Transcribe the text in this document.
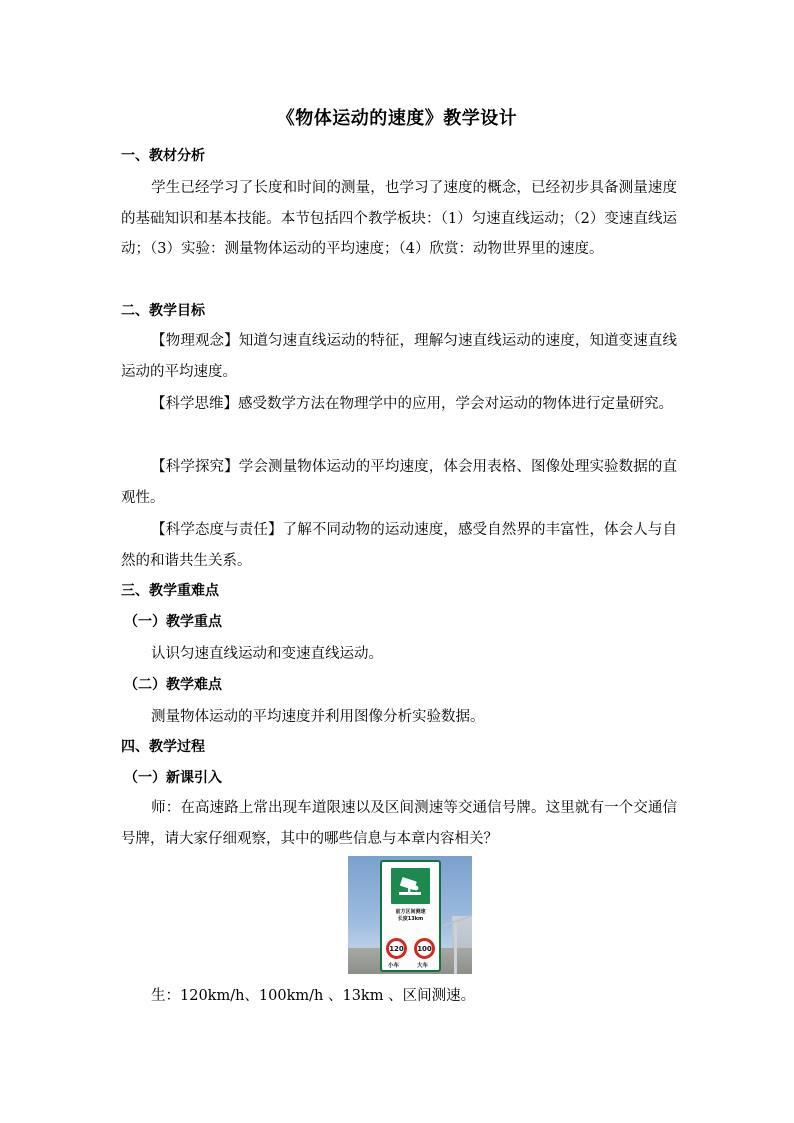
《物体运动的速度》教学设计
一、教材分析
学生已经学习了长度和时间的测量，也学习了速度的概念，已经初步具备测量速度的基础知识和基本技能。本节包括四个教学板块：（1）匀速直线运动；（2）变速直线运动；（3）实验：测量物体运动的平均速度；（4）欣赏：动物世界里的速度。
二、教学目标
【物理观念】知道匀速直线运动的特征，理解匀速直线运动的速度，知道变速直线运动的平均速度。
【科学思维】感受数学方法在物理学中的应用，学会对运动的物体进行定量研究。
【科学探究】学会测量物体运动的平均速度，体会用表格、图像处理实验数据的直观性。
【科学态度与责任】了解不同动物的运动速度，感受自然界的丰富性，体会人与自然的和谐共生关系。
三、教学重难点
（一）教学重点
认识匀速直线运动和变速直线运动。
（二）教学难点
测量物体运动的平均速度并利用图像分析实验数据。
四、教学过程
（一）新课引入
师：在高速路上常出现车道限速以及区间测速等交通信号牌。这里就有一个交通信号牌，请大家仔细观察，其中的哪些信息与本章内容相关？
前方区间测速
长度13km
120	100
小车	大车
生：120km/h、100km/h 、13km 、区间测速。
